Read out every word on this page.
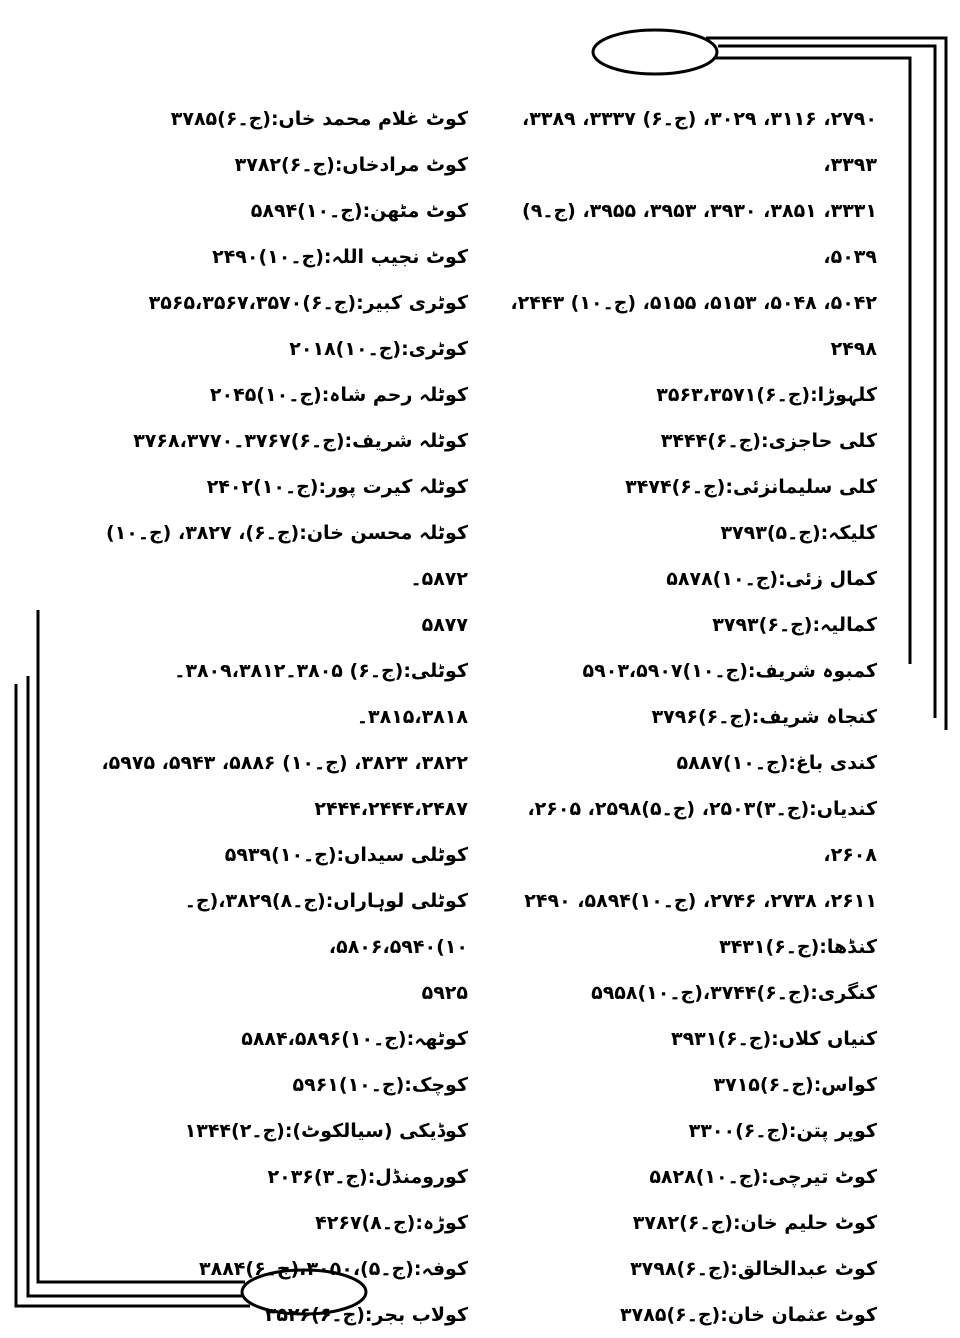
۲۷۹۰، ۳۱۱۶، ۳۰۲۹، (ج۔۶) ۳۳۳۷، ۳۳۸۹، ۳۳۹۳،

۳۳۳۱، ۳۸۵۱، ۳۹۳۰، ۳۹۵۳، ۳۹۵۵، (ج۔۹) ۵۰۳۹،

۵۰۴۲، ۵۰۴۸، ۵۱۵۳، ۵۱۵۵، (ج۔۱۰) ۲۴۴۳،

۲۴۹۸

کلہوڑا:(ج۔۶)۳۵۶۳،۳۵۷۱

کلی حاجزی:(ج۔۶)۳۴۴۴

کلی سلیمانزئی:(ج۔۶)۳۴۷۴

کلیکہ:(ج۔۵)۳۷۹۳

کمال زئی:(ج۔۱۰)۵۸۷۸

کمالیہ:(ج۔۶)۳۷۹۳

کمبوہ شریف:(ج۔۱۰)۵۹۰۳،۵۹۰۷

کنجاہ شریف:(ج۔۶)۳۷۹۶

کندی باغ:(ج۔۱۰)۵۸۸۷

کندیاں:(ج۔۳)۲۵۰۳، (ج۔۵)۲۵۹۸، ۲۶۰۵، ۲۶۰۸،

۲۶۱۱، ۲۷۳۸، ۲۷۴۶، (ج۔۱۰)۵۸۹۴، ۲۴۹۰

کنڈھا:(ج۔۶)۳۴۳۱

کنگری:(ج۔۶)۳۷۴۴،(ج۔۱۰)۵۹۵۸

کنیاں کلاں:(ج۔۶)۳۹۳۱

کواس:(ج۔۶)۳۷۱۵

کوپر پتن:(ج۔۶)۳۳۰۰

کوٹ تیرچی:(ج۔۱۰)۵۸۲۸

کوٹ حلیم خان:(ج۔۶)۳۷۸۲

کوٹ عبدالخالق:(ج۔۶)۳۷۹۸

کوٹ عثمان خان:(ج۔۶)۳۷۸۵

کوٹ غلام محمد خاں:(ج۔۶)۳۷۸۵

کوٹ مرادخاں:(ج۔۶)۳۷۸۲

کوٹ مٹھن:(ج۔۱۰)۵۸۹۴

کوٹ نجیب اللہ:(ج۔۱۰)۲۴۹۰

کوٹری کبیر:(ج۔۶)۳۵۶۵،۳۵۶۷،۳۵۷۰

کوٹری:(ج۔۱۰)۲۰۱۸

کوٹلہ رحم شاہ:(ج۔۱۰)۲۰۴۵

کوٹلہ شریف:(ج۔۶)۳۷۶۷۔۳۷۶۸،۳۷۷۰

کوٹلہ کیرت پور:(ج۔۱۰)۲۴۰۲

کوٹلہ محسن خان:(ج۔۶)، ۳۸۲۷، (ج۔۱۰) ۵۸۷۲۔

۵۸۷۷

کوٹلی:(ج۔۶) ۳۸۰۵۔۳۸۰۹،۳۸۱۲۔۳۸۱۵،۳۸۱۸۔

۳۸۲۲، ۳۸۲۳، (ج۔۱۰) ۵۸۸۶، ۵۹۴۳، ۵۹۷۵،

۲۴۴۴،۲۴۴۴،۲۴۸۷

کوٹلی سیداں:(ج۔۱۰)۵۹۳۹

کوٹلی لوہاراں:(ج۔۸)۳۸۲۹،(ج۔۱۰)۵۸۰۶،۵۹۴۰،

۵۹۲۵

کوٹھہ:(ج۔۱۰)۵۸۸۴،۵۸۹۶

کوچک:(ج۔۱۰)۵۹۶۱

کوڈیکی (سیالکوٹ):(ج۔۲)۱۳۴۴

کورومنڈل:(ج۔۳)۲۰۳۶

کوڑہ:(ج۔۸)۴۲۶۷

کوفہ:(ج۔۵)،۳۰۵۰،(ج۔۶)۳۸۸۴

کولاب بجر:(ج۔۶)۳۵۲۶
